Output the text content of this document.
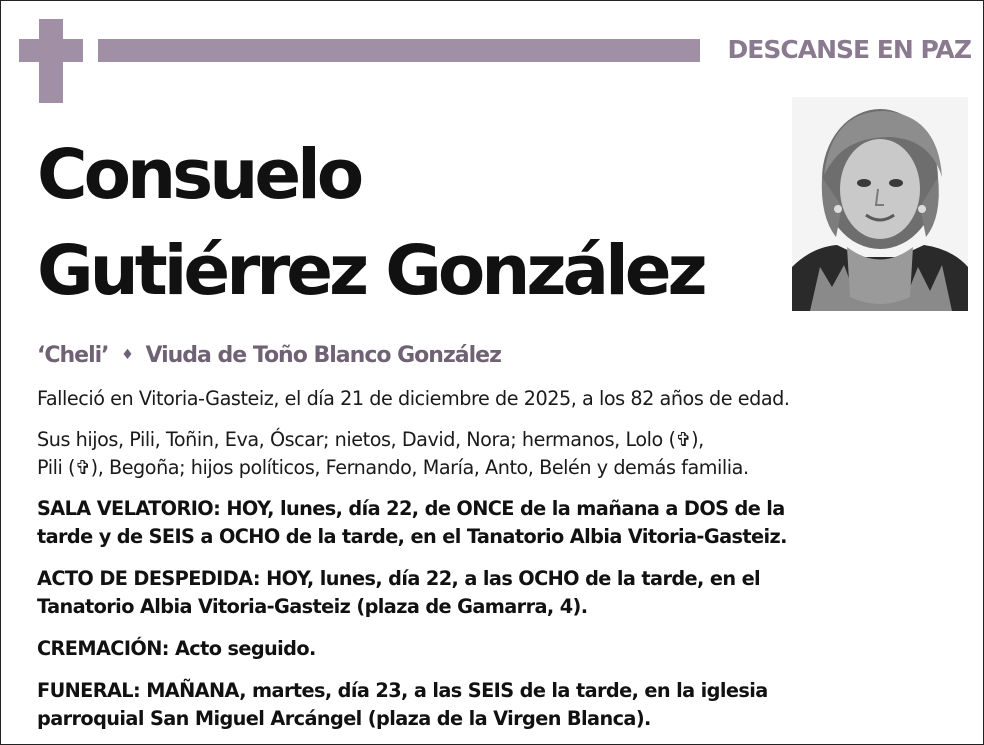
DESCANSE EN PAZ
Consuelo
Gutiérrez González
‘Cheli’ ♦ Viuda de Toño Blanco González

Falleció en Vitoria-Gasteiz, el día 21 de diciembre de 2025, a los 82 años de edad.

Sus hijos, Pili, Toñin, Eva, Óscar; nietos, David, Nora; hermanos, Lolo (✞),

Pili (✞), Begoña; hijos políticos, Fernando, María, Anto, Belén y demás familia.

SALA VELATORIO: HOY, lunes, día 22, de ONCE de la mañana a DOS de la

tarde y de SEIS a OCHO de la tarde, en el Tanatorio Albia Vitoria-Gasteiz.

ACTO DE DESPEDIDA: HOY, lunes, día 22, a las OCHO de la tarde, en el

Tanatorio Albia Vitoria-Gasteiz (plaza de Gamarra, 4).

CREMACIÓN: Acto seguido.

FUNERAL: MAÑANA, martes, día 23, a las SEIS de la tarde, en la iglesia

parroquial San Miguel Arcángel (plaza de la Virgen Blanca).
